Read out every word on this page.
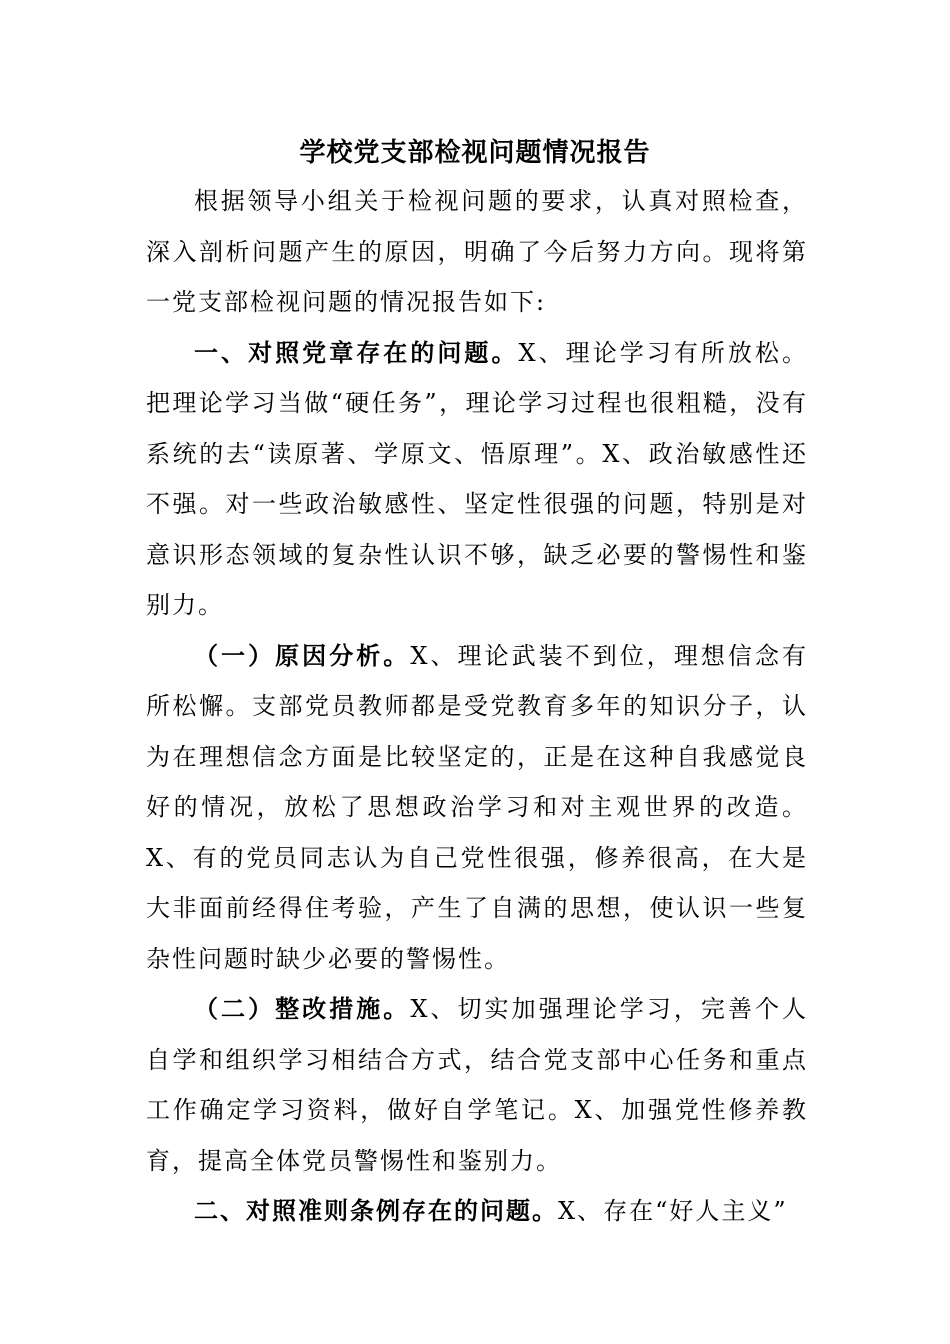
学校党支部检视问题情况报告

根据领导小组关于检视问题的要求，认真对照检查，深入剖析问题产生的原因，明确了今后努力方向。现将第一党支部检视问题的情况报告如下:

一、对照党章存在的问题。X、理论学习有所放松。把理论学习当做“硬任务”，理论学习过程也很粗糙，没有系统的去“读原著、学原文、悟原理”。X、政治敏感性还不强。对一些政治敏感性、坚定性很强的问题，特别是对意识形态领域的复杂性认识不够，缺乏必要的警惕性和鉴别力。

（一）原因分析。X、理论武装不到位，理想信念有所松懈。支部党员教师都是受党教育多年的知识分子，认为在理想信念方面是比较坚定的，正是在这种自我感觉良好的情况，放松了思想政治学习和对主观世界的改造。X、有的党员同志认为自己党性很强，修养很高，在大是大非面前经得住考验，产生了自满的思想，使认识一些复杂性问题时缺少必要的警惕性。

（二）整改措施。X、切实加强理论学习，完善个人自学和组织学习相结合方式，结合党支部中心任务和重点工作确定学习资料，做好自学笔记。X、加强党性修养教育，提高全体党员警惕性和鉴别力。

二、对照准则条例存在的问题。X、存在“好人主义”
